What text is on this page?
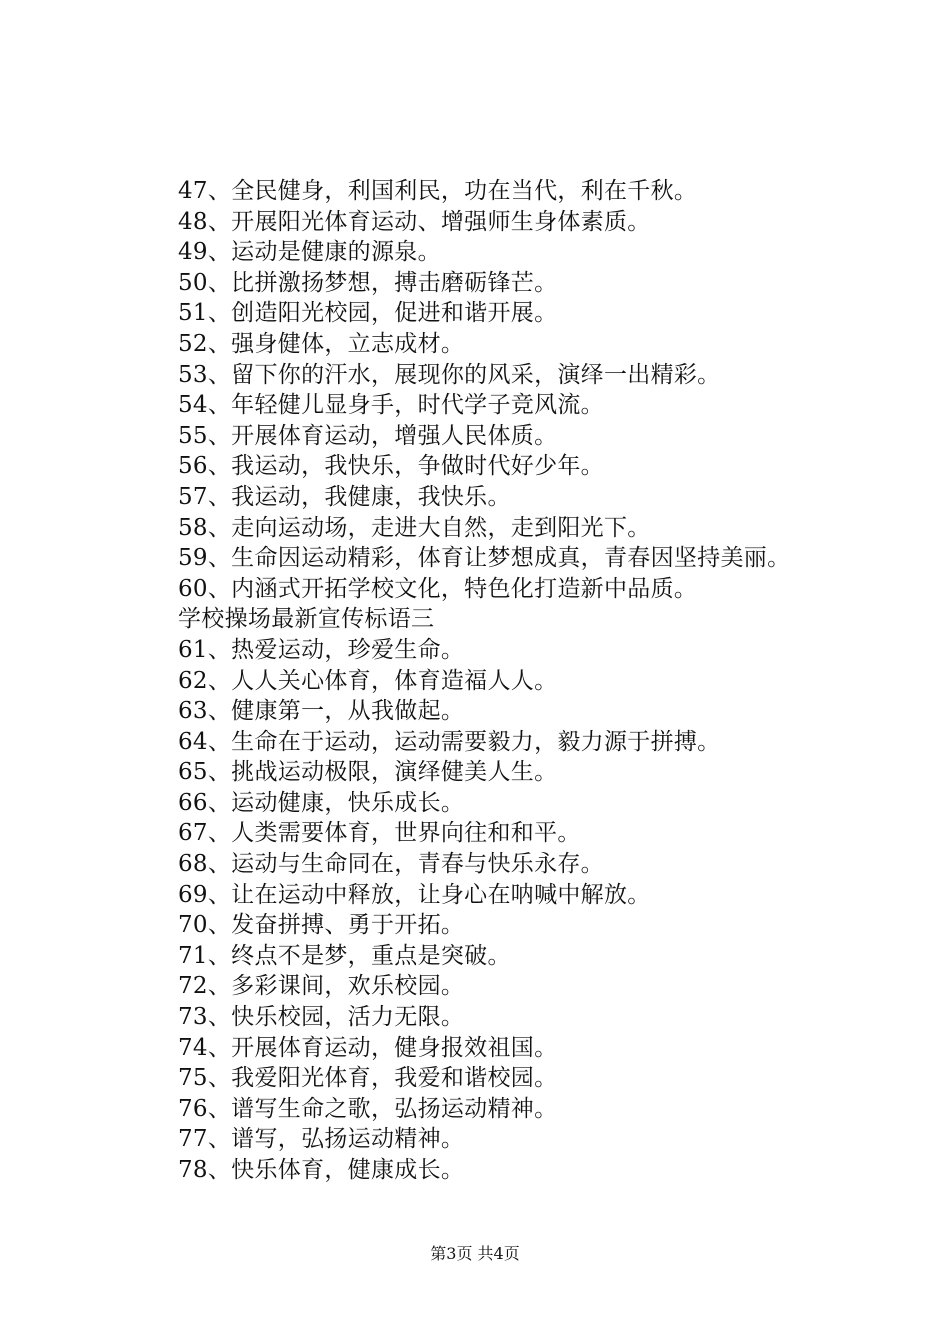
47、全民健身，利国利民，功在当代，利在千秋。
48、开展阳光体育运动、增强师生身体素质。
49、运动是健康的源泉。
50、比拼激扬梦想，搏击磨砺锋芒。
51、创造阳光校园，促进和谐开展。
52、强身健体，立志成材。
53、留下你的汗水，展现你的风采，演绎一出精彩。
54、年轻健儿显身手，时代学子竞风流。
55、开展体育运动，增强人民体质。
56、我运动，我快乐，争做时代好少年。
57、我运动，我健康，我快乐。
58、走向运动场，走进大自然，走到阳光下。
59、生命因运动精彩，体育让梦想成真，青春因坚持美丽。
60、内涵式开拓学校文化，特色化打造新中品质。
学校操场最新宣传标语三
61、热爱运动，珍爱生命。
62、人人关心体育，体育造福人人。
63、健康第一，从我做起。
64、生命在于运动，运动需要毅力，毅力源于拼搏。
65、挑战运动极限，演绎健美人生。
66、运动健康，快乐成长。
67、人类需要体育，世界向往和和平。
68、运动与生命同在，青春与快乐永存。
69、让在运动中释放，让身心在呐喊中解放。
70、发奋拼搏、勇于开拓。
71、终点不是梦，重点是突破。
72、多彩课间，欢乐校园。
73、快乐校园，活力无限。
74、开展体育运动，健身报效祖国。
75、我爱阳光体育，我爱和谐校园。
76、谱写生命之歌，弘扬运动精神。
77、谱写，弘扬运动精神。
78、快乐体育，健康成长。
第3页 共4页
